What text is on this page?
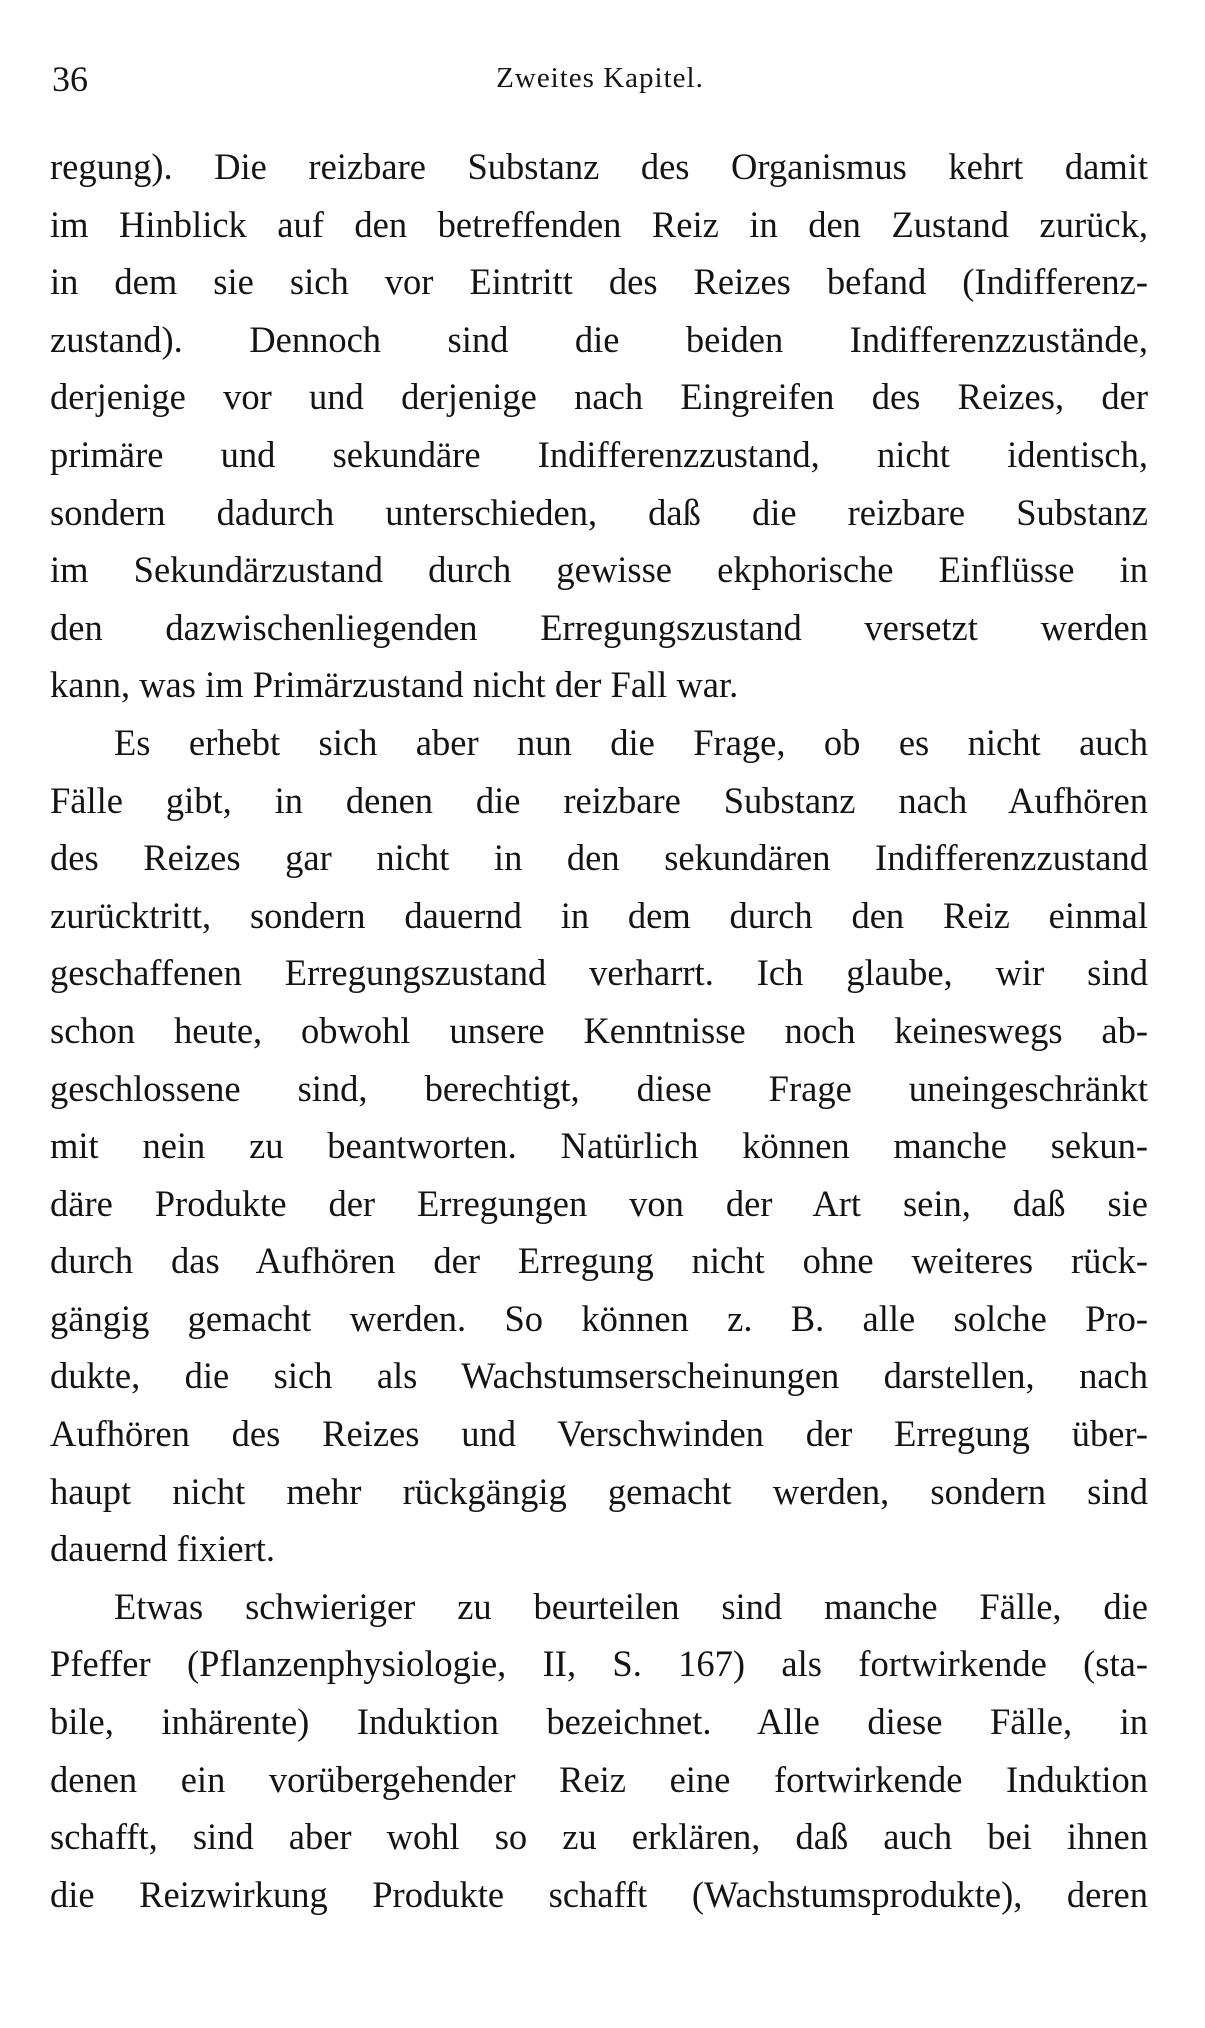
36	Zweites Kapitel.
regung). Die reizbare Substanz des Organismus kehrt damit
im Hinblick auf den betreffenden Reiz in den Zustand zurück,
in dem sie sich vor Eintritt des Reizes befand (Indifferenz-
zustand). Dennoch sind die beiden Indifferenzzustände,
derjenige vor und derjenige nach Eingreifen des Reizes, der
primäre und sekundäre Indifferenzzustand, nicht identisch,
sondern dadurch unterschieden, daß die reizbare Substanz
im Sekundärzustand durch gewisse ekphorische Einflüsse in
den dazwischenliegenden Erregungszustand versetzt werden
kann, was im Primärzustand nicht der Fall war.
Es erhebt sich aber nun die Frage, ob es nicht auch
Fälle gibt, in denen die reizbare Substanz nach Aufhören
des Reizes gar nicht in den sekundären Indifferenzzustand
zurücktritt, sondern dauernd in dem durch den Reiz einmal
geschaffenen Erregungszustand verharrt. Ich glaube, wir sind
schon heute, obwohl unsere Kenntnisse noch keineswegs ab-
geschlossene sind, berechtigt, diese Frage uneingeschränkt
mit nein zu beantworten. Natürlich können manche sekun-
däre Produkte der Erregungen von der Art sein, daß sie
durch das Aufhören der Erregung nicht ohne weiteres rück-
gängig gemacht werden. So können z. B. alle solche Pro-
dukte, die sich als Wachstumserscheinungen darstellen, nach
Aufhören des Reizes und Verschwinden der Erregung über-
haupt nicht mehr rückgängig gemacht werden, sondern sind
dauernd fixiert.
Etwas schwieriger zu beurteilen sind manche Fälle, die
Pfeffer (Pflanzenphysiologie, II, S. 167) als fortwirkende (sta-
bile, inhärente) Induktion bezeichnet. Alle diese Fälle, in
denen ein vorübergehender Reiz eine fortwirkende Induktion
schafft, sind aber wohl so zu erklären, daß auch bei ihnen
die Reizwirkung Produkte schafft (Wachstumsprodukte), deren
